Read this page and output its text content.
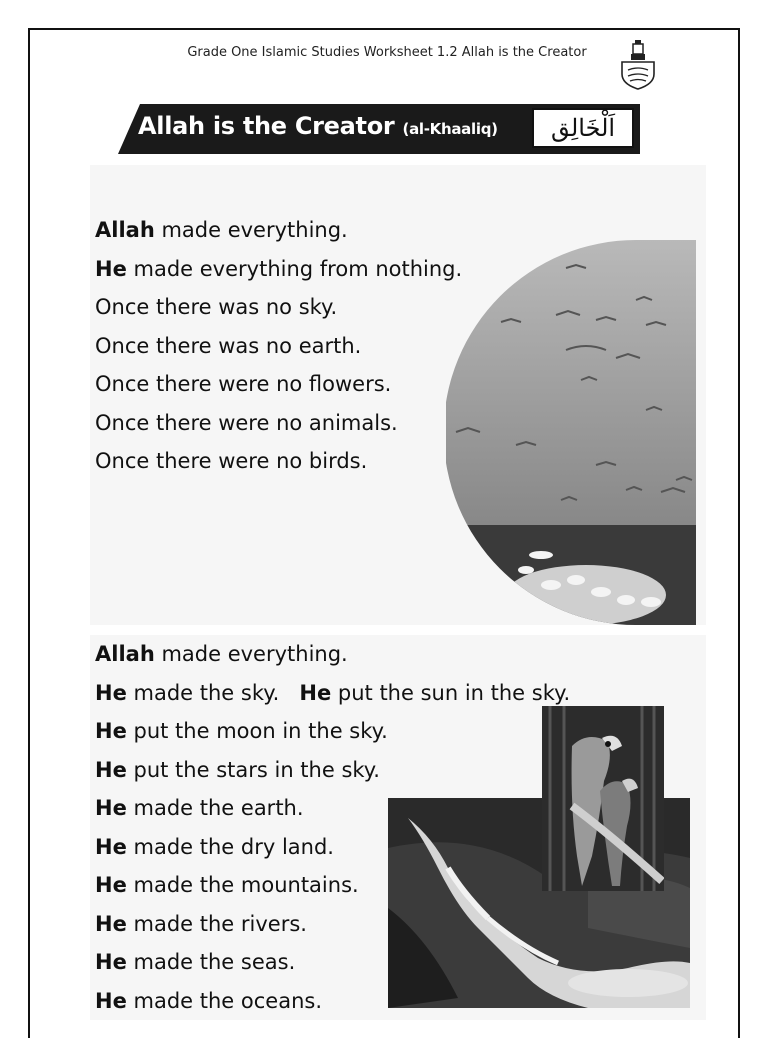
Grade One Islamic Studies Worksheet 1.2 Allah is the Creator
Allah is the Creator (al-Khaaliq)	اَلْخَالِق
Allah made everything.
He made everything from nothing.
Once there was no sky.
Once there was no earth.
Once there were no flowers.
Once there were no animals.
Once there were no birds.
Allah made everything.
He made the sky. He put the sun in the sky.
He put the moon in the sky.
He put the stars in the sky.
He made the earth.
He made the dry land.
He made the mountains.
He made the rivers.
He made the seas.
He made the oceans.
